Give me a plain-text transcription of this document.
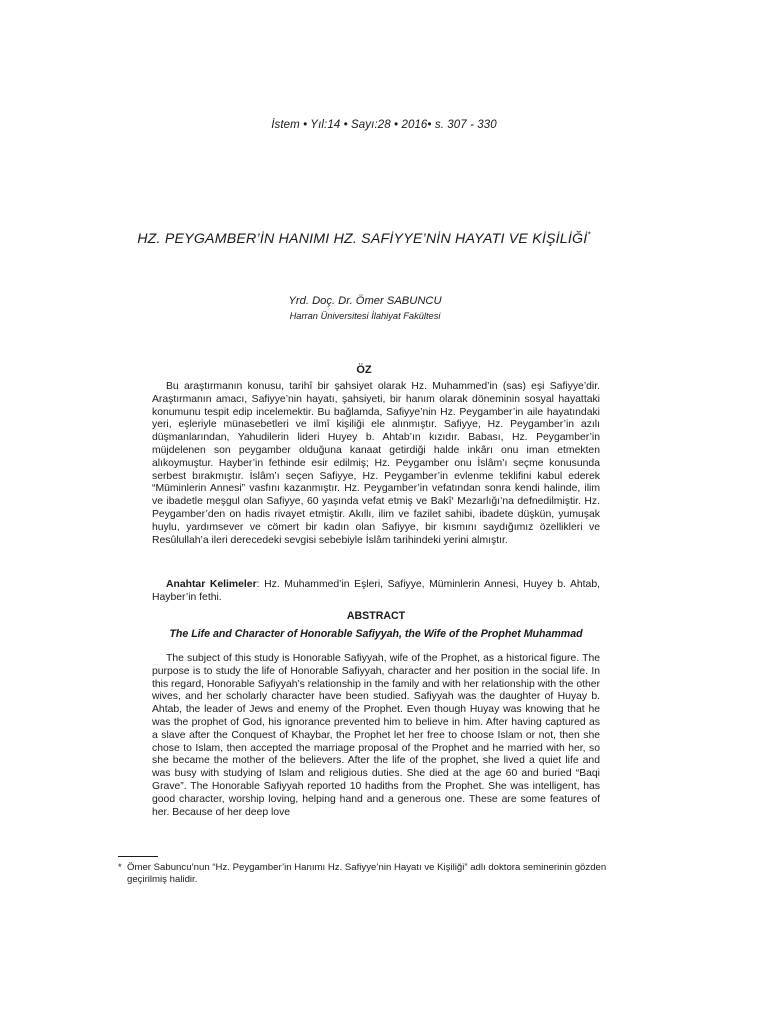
İstem • Yıl:14 • Sayı:28 • 2016• s. 307 - 330
HZ. PEYGAMBER’İN HANIMI HZ. SAFİYYE’NİN HAYATI VE KİŞİLİĞİ*
Yrd. Doç. Dr. Ömer SABUNCU
Harran Üniversitesi İlahiyat Fakültesi
ÖZ

Bu araştırmanın konusu, tarihî bir şahsiyet olarak Hz. Muhammed’in (sas) eşi Safiyye’dir. Araştırmanın amacı, Safiyye’nin hayatı, şahsiyeti, bir hanım olarak döneminin sosyal hayattaki konumunu tespit edip incelemektir. Bu bağlamda, Safiyye’nin Hz. Peygamber’in aile hayatındaki yeri, eşleriyle münasebetleri ve ilmî kişiliği ele alınmıştır. Safiyye, Hz. Peygamber’in azılı düşmanlarından, Yahudilerin lideri Huyey b. Ahtab’ın kızıdır. Babası, Hz. Peygamber’in müjdelenen son peygamber olduğuna kanaat getirdiği halde inkârı onu iman etmekten alıkoymuştur. Hayber’in fethinde esir edilmiş; Hz. Peygamber onu İslâm’ı seçme konusunda serbest bırakmıştır. İslâm’ı seçen Safiyye, Hz. Peygamber’in evlenme teklifini kabul ederek “Müminlerin Annesi” vasfını kazanmıştır. Hz. Peygamber’in vefatından sonra kendi halinde, ilim ve ibadetle meşgul olan Safiyye, 60 yaşında vefat etmiş ve Bakî‘ Mezarlığı’na defnedilmiştir. Hz. Peygamber’den on hadis rivayet etmiştir. Akıllı, ilim ve fazilet sahibi, ibadete düşkün, yumuşak huylu, yardımsever ve cömert bir kadın olan Safiyye, bir kısmını saydığımız özellikleri ve Resûlullah’a ileri derecedeki sevgisi sebebiyle İslâm tarihindeki yerini almıştır.

Anahtar Kelimeler: Hz. Muhammed’in Eşleri, Safiyye, Müminlerin Annesi, Huyey b. Ahtab, Hayber’in fethi.

ABSTRACT
The Life and Character of Honorable Safiyyah, the Wife of the Prophet Muhammad

The subject of this study is Honorable Safiyyah, wife of the Prophet, as a historical figure. The purpose is to study the life of Honorable Safiyyah, character and her position in the social life. In this regard, Honorable Safiyyah’s relationship in the family and with her relationship with the other wives, and her scholarly character have been studied. Safiyyah was the daughter of Huyay b. Ahtab, the leader of Jews and enemy of the Prophet. Even though Huyay was knowing that he was the prophet of God, his ignorance prevented him to believe in him. After having captured as a slave after the Conquest of Khaybar, the Prophet let her free to choose Islam or not, then she chose to Islam, then accepted the marriage proposal of the Prophet and he married with her, so she became the mother of the believers. After the life of the prophet, she lived a quiet life and was busy with studying of Islam and religious duties. She died at the age 60 and buried “Baqi Grave”. The Honorable Safiyyah reported 10 hadiths from the Prophet. She was intelligent, has good character, worship loving, helping hand and a generous one. These are some features of her. Because of her deep love

* Ömer Sabuncu’nun “Hz. Peygamber’in Hanımı Hz. Safiyye’nin Hayatı ve Kişiliği” adlı doktora seminerinin gözden geçirilmiş halidir.
